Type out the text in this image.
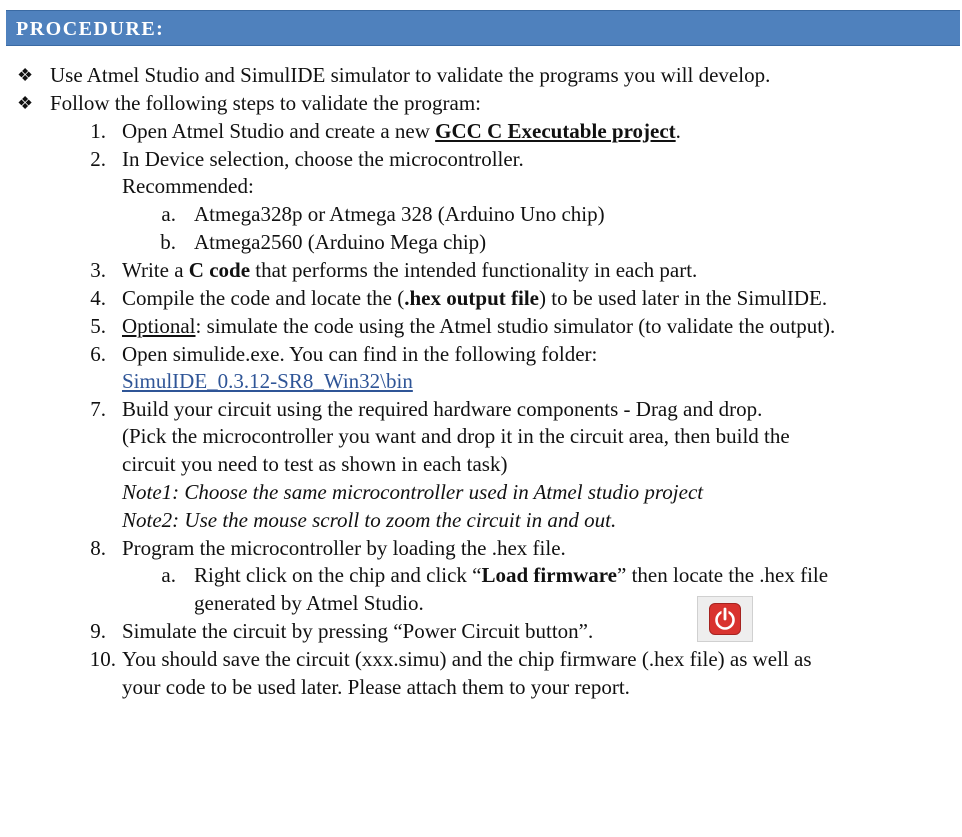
PROCEDURE:
❖ Use Atmel Studio and SimulIDE simulator to validate the programs you will develop.
❖ Follow the following steps to validate the program:
1. Open Atmel Studio and create a new GCC C Executable project.
2. In Device selection, choose the microcontroller.
Recommended:
a. Atmega328p or Atmega 328 (Arduino Uno chip)
b. Atmega2560 (Arduino Mega chip)
3. Write a C code that performs the intended functionality in each part.
4. Compile the code and locate the (.hex output file) to be used later in the SimulIDE.
5. Optional: simulate the code using the Atmel studio simulator (to validate the output).
6. Open simulide.exe. You can find in the following folder:
SimulIDE_0.3.12-SR8_Win32\bin
7. Build your circuit using the required hardware components - Drag and drop.
(Pick the microcontroller you want and drop it in the circuit area, then build the
circuit you need to test as shown in each task)
Note1: Choose the same microcontroller used in Atmel studio project
Note2: Use the mouse scroll to zoom the circuit in and out.
8. Program the microcontroller by loading the .hex file.
a. Right click on the chip and click “Load firmware” then locate the .hex file
generated by Atmel Studio.
9. Simulate the circuit by pressing “Power Circuit button”.
10. You should save the circuit (xxx.simu) and the chip firmware (.hex file) as well as
your code to be used later. Please attach them to your report.
